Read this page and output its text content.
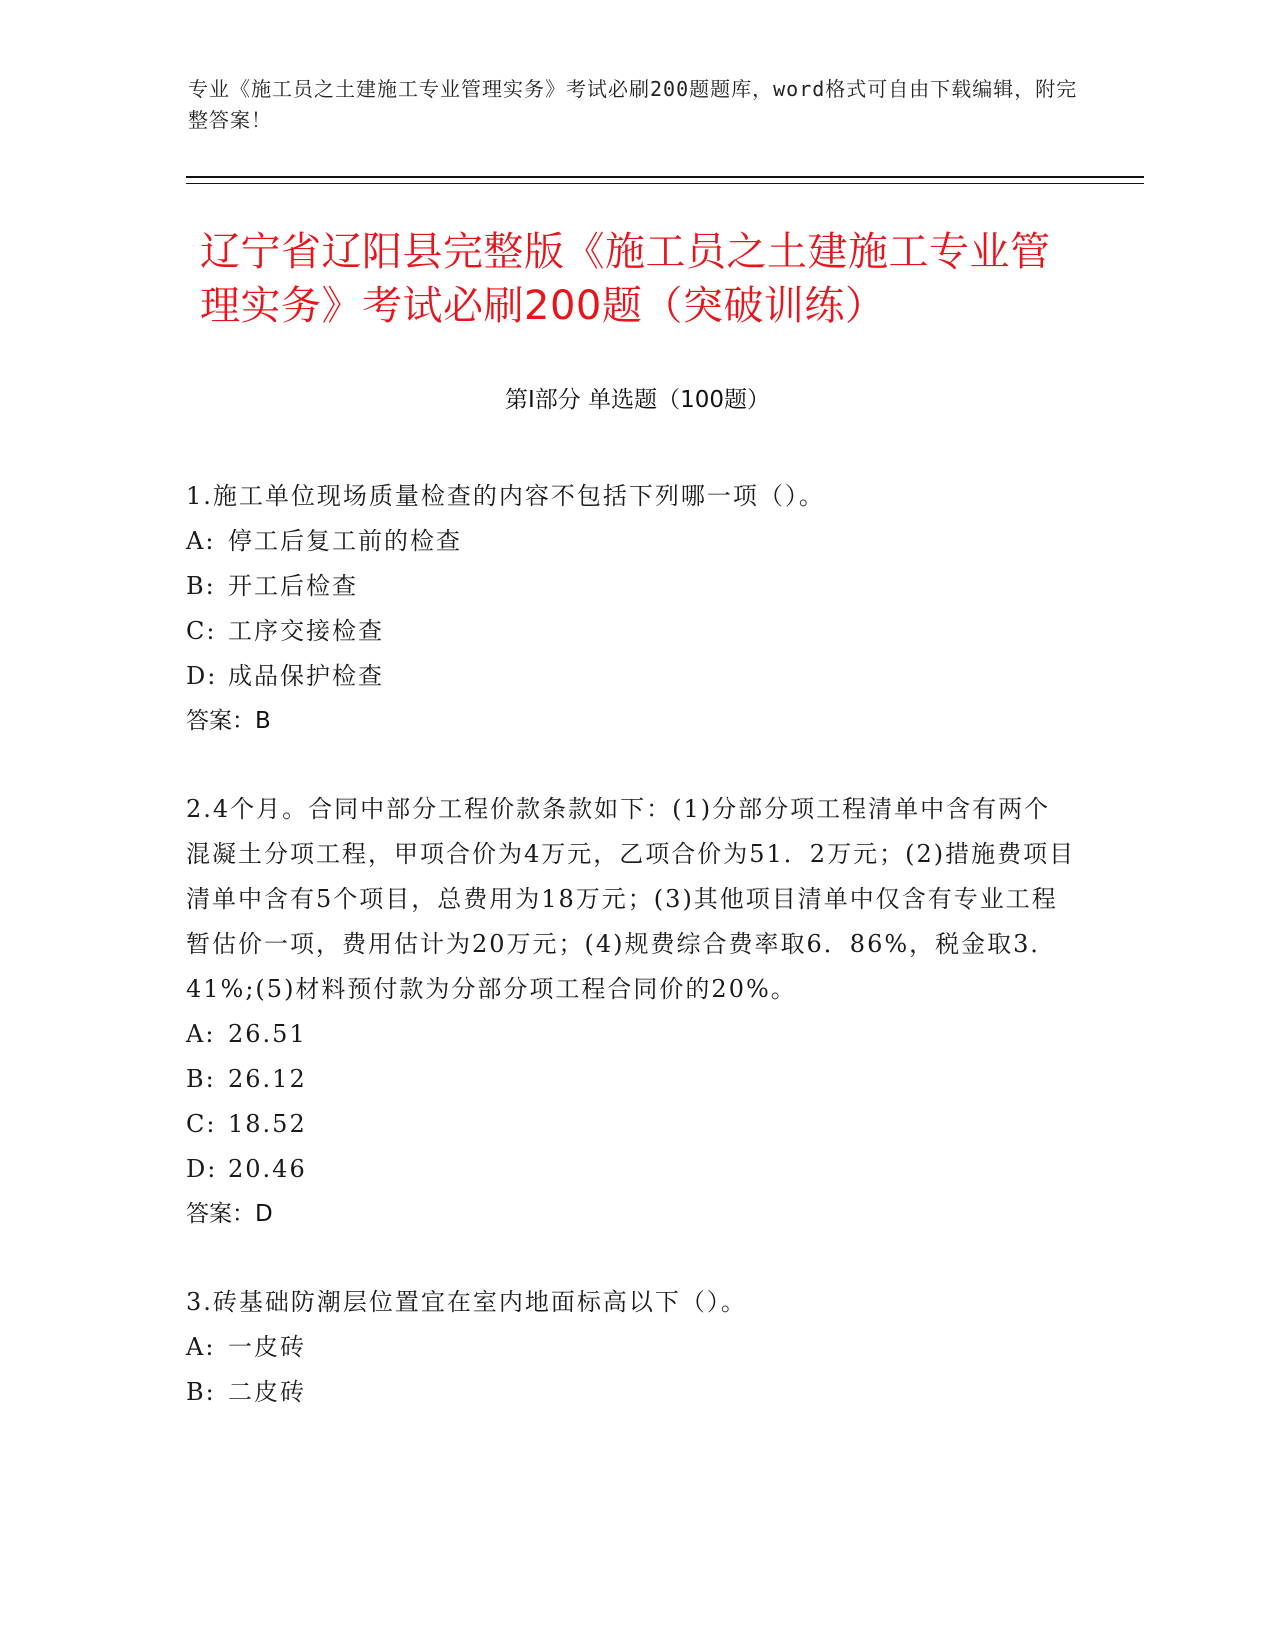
专业《施工员之土建施工专业管理实务》考试必刷200题题库，word格式可自由下载编辑，附完整答案！
辽宁省辽阳县完整版《施工员之土建施工专业管理实务》考试必刷200题（突破训练）
第Ⅰ部分 单选题（100题）
1.施工单位现场质量检查的内容不包括下列哪一项（）。
A: 停工后复工前的检查
B: 开工后检查
C: 工序交接检查
D: 成品保护检查
答案：B
2.4个月。合同中部分工程价款条款如下：(1)分部分项工程清单中含有两个混凝土分项工程，甲项合价为4万元，乙项合价为51．2万元；(2)措施费项目清单中含有5个项目，总费用为18万元；(3)其他项目清单中仅含有专业工程暂估价一项，费用估计为20万元；(4)规费综合费率取6．86%，税金取3．41%;(5)材料预付款为分部分项工程合同价的20%。
A: 26.51
B: 26.12
C: 18.52
D: 20.46
答案：D
3.砖基础防潮层位置宜在室内地面标高以下（）。
A: 一皮砖
B: 二皮砖
